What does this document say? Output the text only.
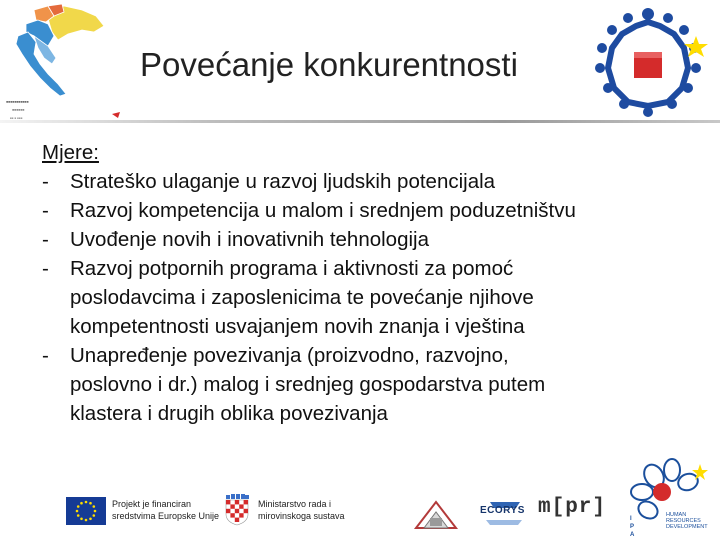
■■■■■■■■■■■
■■■■■■
■■ ■ ■■■
Povećanje konkurentnosti
Mjere:
-	Strateško ulaganje u razvoj ljudskih potencijala
-	Razvoj kompetencija u malom i srednjem poduzetništvu
-	Uvođenje novih i inovativnih tehnologija
-	Razvoj potpornih programa i aktivnosti za pomoć
poslodavcima i zaposlenicima te povećanje njihove
kompetentnosti usvajanjem novih znanja i vještina
-	Unapređenje povezivanja (proizvodno, razvojno,
poslovno i dr.) malog i srednjeg gospodarstva putem
klastera i drugih oblika povezivanja
Projekt je financiran
sredstvima Europske Unije
Ministarstvo rada i
mirovinskoga sustava	ECORYS m[pr]	I
P
A
HUMAN
RESOURCES
DEVELOPMENT
